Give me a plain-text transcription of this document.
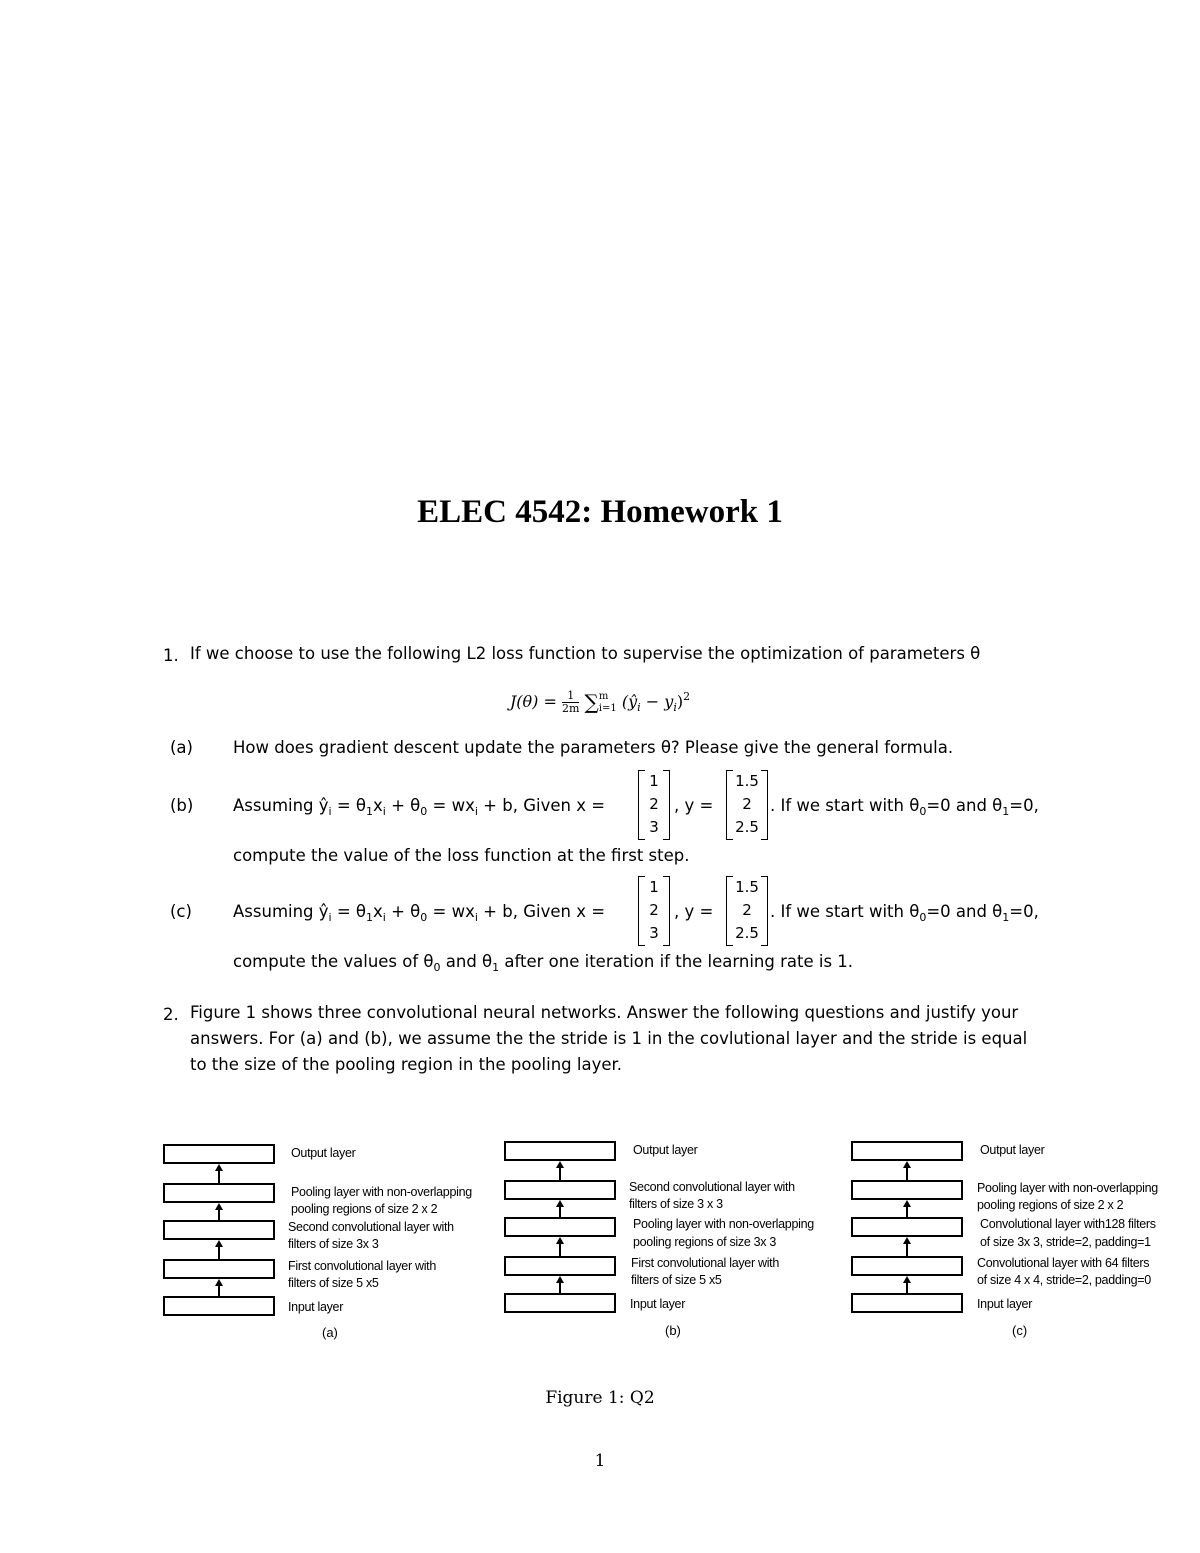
ELEC 4542: Homework 1
1. If we choose to use the following L2 loss function to supervise the optimization of parameters θ
$J(\theta) = \frac{1}{2m}$ ∑ m
i=1 $(ŷ_i - y_i)^2$
(a) How does gradient descent update the parameters θ? Please give the general formula.
(b) Assuming $ŷ_i = \theta_1x_i + \theta_0 = wx_i + b$, Given x =
1
2
3
, y =
1.5
2
2.5
. If we start with $\theta_0=0$ and $\theta_1=0$,
compute the value of the loss function at the first step.
(c) Assuming $ŷ_i = \theta_1x_i + \theta_0 = wx_i + b$, Given x =
1
2
3
, y =
1.5
2
2.5
. If we start with $\theta_0=0$ and $\theta_1=0$,
compute the values of $\theta_0$ and $\theta_1$ after one iteration if the learning rate is 1.
2. Figure 1 shows three convolutional neural networks. Answer the following questions and justify your
answers. For (a) and (b), we assume the the stride is 1 in the covlutional layer and the stride is equal
to the size of the pooling region in the pooling layer.
Output layer
Pooling layer with non-overlapping
pooling regions of size 2 x 2
Second convolutional layer with
filters of size 3x 3
First convolutional layer with
filters of size 5 x5
Input layer
(a)
Output layer
Second convolutional layer with
filters of size 3 x 3
Pooling layer with non-overlapping
pooling regions of size 3x 3
First convolutional layer with
filters of size 5 x5
Input layer
(b)
Output layer
Pooling layer with non-overlapping
pooling regions of size 2 x 2
Convolutional layer with128 filters
of size 3x 3, stride=2, padding=1
Convolutional layer with 64 filters
of size 4 x 4, stride=2, padding=0
Input layer
(c)
Figure 1: Q2
1
